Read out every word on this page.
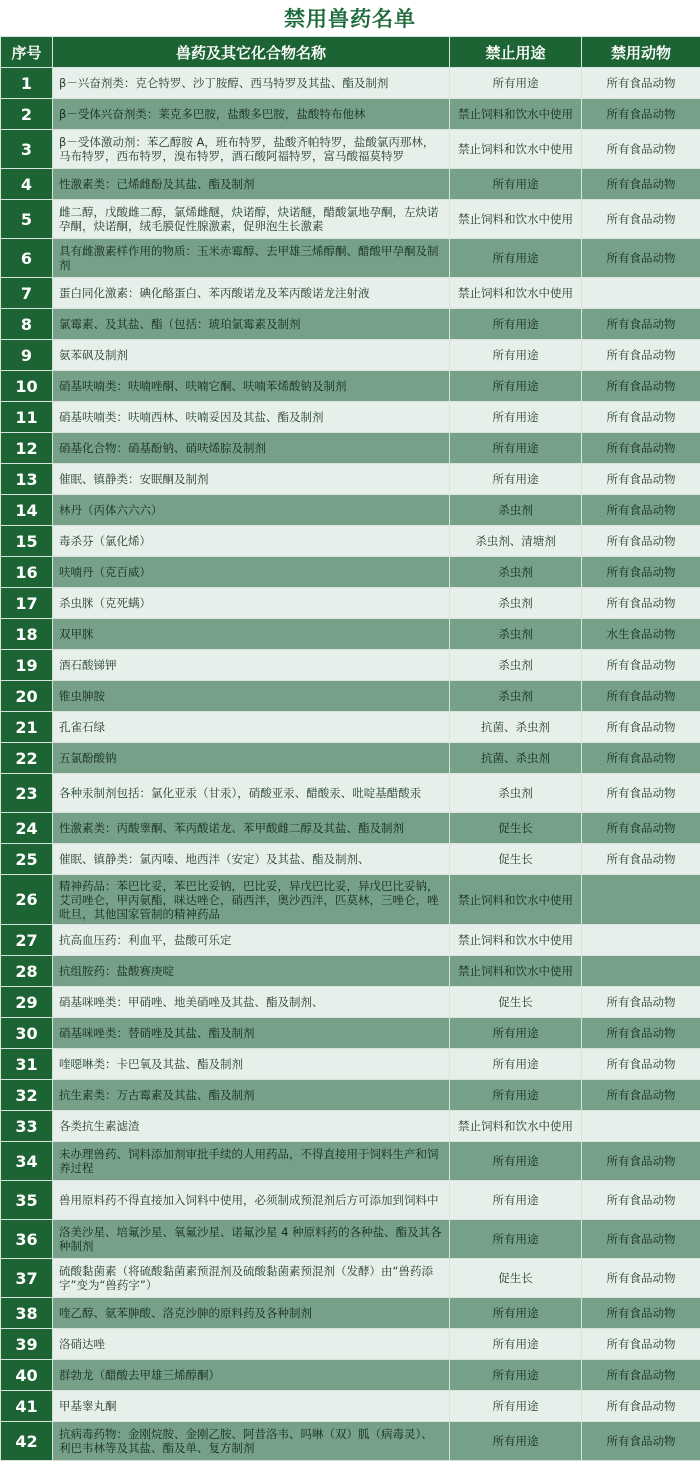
禁用兽药名单
序号	兽药及其它化合物名称	禁止用途	禁用动物
1	β－兴奋剂类：克仑特罗、沙丁胺醇、西马特罗及其盐、酯及制剂	所有用途	所有食品动物
2	β－受体兴奋剂类：莱克多巴胺，盐酸多巴胺，盐酸特布他林	禁止饲料和饮水中使用	所有食品动物
3	β－受体激动剂：苯乙醇胺 A，班布特罗，盐酸齐帕特罗，盐酸氯丙那林，马布特罗，西布特罗，溴布特罗，酒石酸阿福特罗，富马酸福莫特罗	禁止饲料和饮水中使用	所有食品动物
4	性激素类：己烯雌酚及其盐、酯及制剂	所有用途	所有食品动物
5	雌二醇，戊酸雌二醇，氯烯雌醚，炔诺醇，炔诺醚，醋酸氯地孕酮，左炔诺孕酮，炔诺酮，绒毛膜促性腺激素，促卵泡生长激素	禁止饲料和饮水中使用	所有食品动物
6	具有雌激素样作用的物质：玉米赤霉醇、去甲雄三烯醇酮、醋酸甲孕酮及制剂	所有用途	所有食品动物
7	蛋白同化激素：碘化酪蛋白、苯丙酸诺龙及苯丙酸诺龙注射液	禁止饲料和饮水中使用	
8	氯霉素、及其盐、酯（包括：琥珀氯霉素及制剂	所有用途	所有食品动物
9	氨苯砜及制剂	所有用途	所有食品动物
10	硝基呋喃类：呋喃唑酮、呋喃它酮、呋喃苯烯酸钠及制剂	所有用途	所有食品动物
11	硝基呋喃类：呋喃西林、呋喃妥因及其盐、酯及制剂	所有用途	所有食品动物
12	硝基化合物：硝基酚钠、硝呋烯腙及制剂	所有用途	所有食品动物
13	催眠、镇静类：安眠酮及制剂	所有用途	所有食品动物
14	林丹（丙体六六六）	杀虫剂	所有食品动物
15	毒杀芬（氯化烯）	杀虫剂、清塘剂	所有食品动物
16	呋喃丹（克百威）	杀虫剂	所有食品动物
17	杀虫脒（克死螨）	杀虫剂	所有食品动物
18	双甲脒	杀虫剂	水生食品动物
19	酒石酸锑钾	杀虫剂	所有食品动物
20	锥虫胂胺	杀虫剂	所有食品动物
21	孔雀石绿	抗菌、杀虫剂	所有食品动物
22	五氯酚酸钠	抗菌、杀虫剂	所有食品动物
23	各种汞制剂包括：氯化亚汞（甘汞），硝酸亚汞、醋酸汞、吡啶基醋酸汞	杀虫剂	所有食品动物
24	性激素类：丙酸睾酮、苯丙酸诺龙、苯甲酸雌二醇及其盐、酯及制剂	促生长	所有食品动物
25	催眠、镇静类：氯丙嗪、地西泮（安定）及其盐、酯及制剂、	促生长	所有食品动物
26	精神药品：苯巴比妥，苯巴比妥钠，巴比妥，异戊巴比妥，异戊巴比妥钠，艾司唑仑，甲丙氨酯，咪达唑仑，硝西泮，奥沙西泮，匹莫林，三唑仑，唑吡旦，其他国家管制的精神药品	禁止饲料和饮水中使用	
27	抗高血压药：利血平，盐酸可乐定	禁止饲料和饮水中使用	
28	抗组胺药：盐酸赛庚啶	禁止饲料和饮水中使用	
29	硝基咪唑类：甲硝唑、地美硝唑及其盐、酯及制剂、	促生长	所有食品动物
30	硝基咪唑类：替硝唑及其盐、酯及制剂	所有用途	所有食品动物
31	喹噁啉类：卡巴氧及其盐、酯及制剂	所有用途	所有食品动物
32	抗生素类：万古霉素及其盐、酯及制剂	所有用途	所有食品动物
33	各类抗生素滤渣	禁止饲料和饮水中使用	
34	未办理兽药、饲料添加剂审批手续的人用药品，不得直接用于饲料生产和饲养过程	所有用途	所有食品动物
35	兽用原料药不得直接加入饲料中使用，必须制成预混剂后方可添加到饲料中	所有用途	所有食品动物
36	洛美沙星、培氟沙星、氧氟沙星、诺氟沙星 4 种原料药的各种盐、酯及其各种制剂	所有用途	所有食品动物
37	硫酸黏菌素（将硫酸黏菌素预混剂及硫酸黏菌素预混剂（发酵）由“兽药添字”变为“兽药字”）	促生长	所有食品动物
38	喹乙醇、氨苯胂酸、洛克沙胂的原料药及各种制剂	所有用途	所有食品动物
39	洛硝达唑	所有用途	所有食品动物
40	群勃龙（醋酸去甲雄三烯醇酮）	所有用途	所有食品动物
41	甲基睾丸酮	所有用途	所有食品动物
42	抗病毒药物：金刚烷胺、金刚乙胺、阿昔洛韦、吗啉（双）胍（病毒灵）、利巴韦林等及其盐、酯及单、复方制剂	所有用途	所有食品动物
